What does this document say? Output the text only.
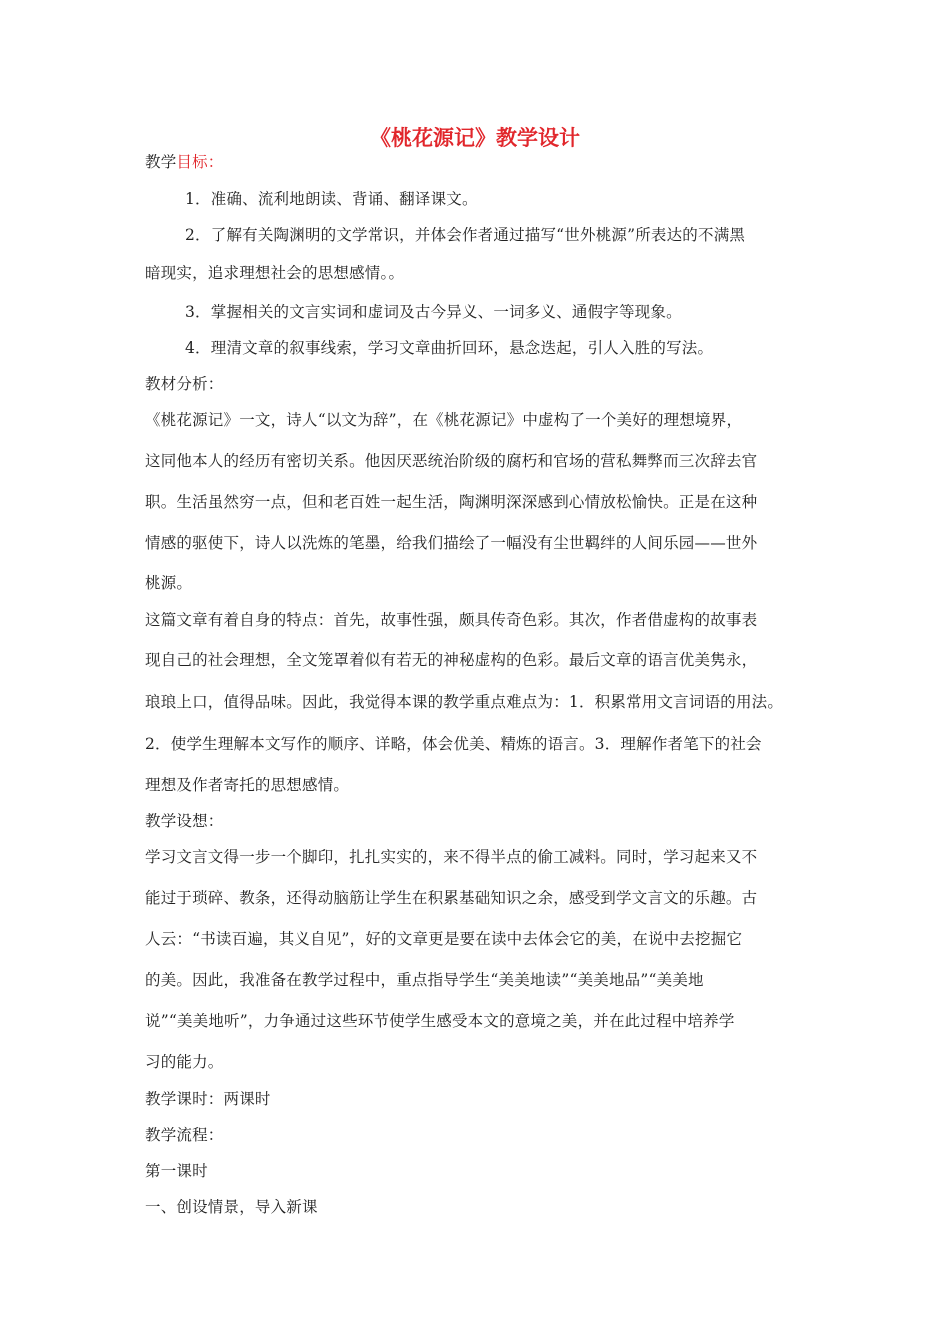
《桃花源记》教学设计
教学目标：
1．准确、流利地朗读、背诵、翻译课文。
2．了解有关陶渊明的文学常识，并体会作者通过描写“世外桃源”所表达的不满黑
暗现实，追求理想社会的思想感情。。
3．掌握相关的文言实词和虚词及古今异义、一词多义、通假字等现象。
4．理清文章的叙事线索，学习文章曲折回环，悬念迭起，引人入胜的写法。
教材分析：
《桃花源记》一文，诗人“以文为辞”，在《桃花源记》中虚构了一个美好的理想境界，
这同他本人的经历有密切关系。他因厌恶统治阶级的腐朽和官场的营私舞弊而三次辞去官
职。生活虽然穷一点，但和老百姓一起生活，陶渊明深深感到心情放松愉快。正是在这种
情感的驱使下，诗人以洗炼的笔墨，给我们描绘了一幅没有尘世羁绊的人间乐园——世外
桃源。
这篇文章有着自身的特点：首先，故事性强，颇具传奇色彩。其次，作者借虚构的故事表
现自己的社会理想，全文笼罩着似有若无的神秘虚构的色彩。最后文章的语言优美隽永，
琅琅上口，值得品味。因此，我觉得本课的教学重点难点为：1．积累常用文言词语的用法。
2．使学生理解本文写作的顺序、详略，体会优美、精炼的语言。3．理解作者笔下的社会
理想及作者寄托的思想感情。
教学设想：
学习文言文得一步一个脚印，扎扎实实的，来不得半点的偷工减料。同时，学习起来又不
能过于琐碎、教条，还得动脑筋让学生在积累基础知识之余，感受到学文言文的乐趣。古
人云：“书读百遍，其义自见”，好的文章更是要在读中去体会它的美，在说中去挖掘它
的美。因此，我准备在教学过程中，重点指导学生“美美地读”“美美地品”“美美地
说”“美美地听”，力争通过这些环节使学生感受本文的意境之美，并在此过程中培养学
习的能力。
教学课时：两课时
教学流程：
第一课时
一、创设情景，导入新课
